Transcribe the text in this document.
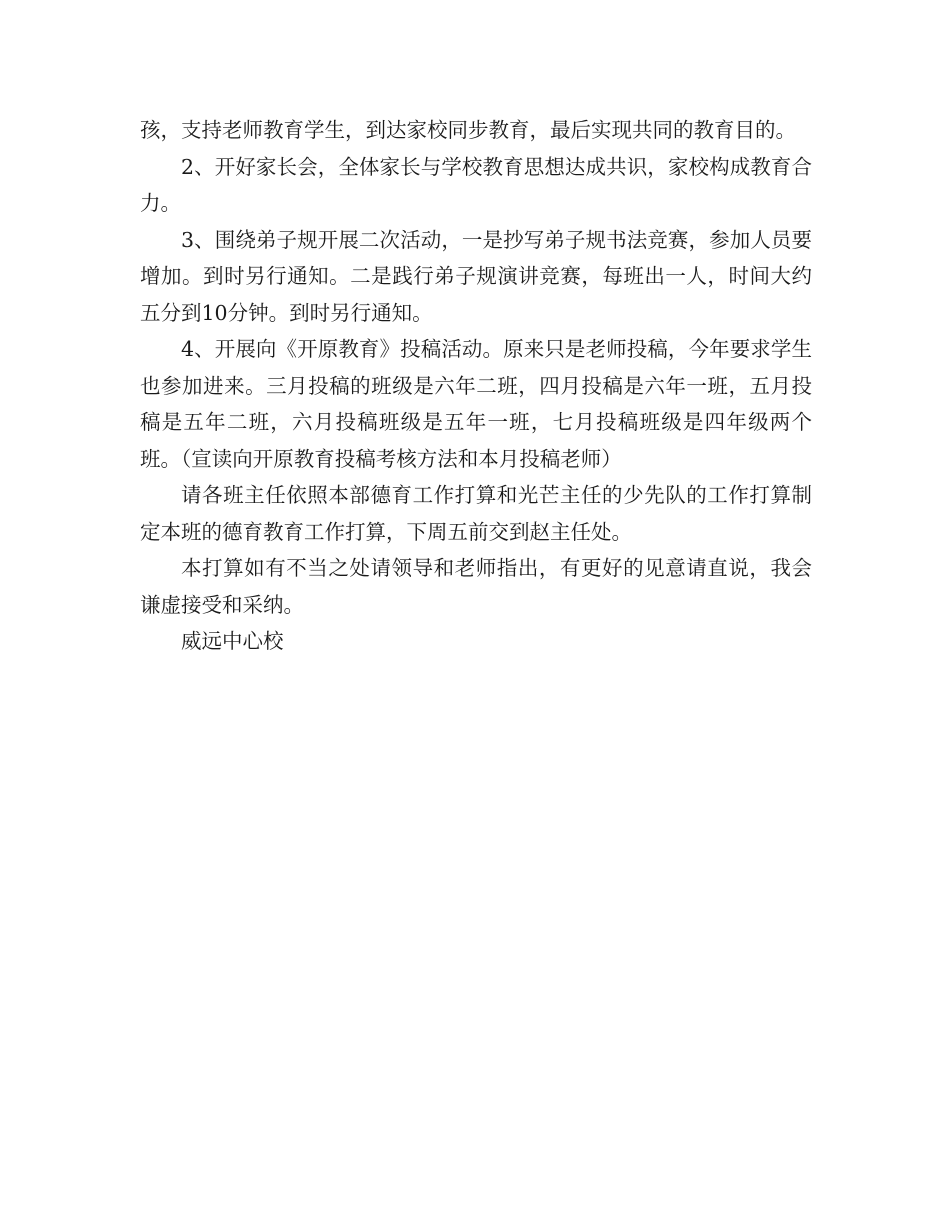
孩，支持老师教育学生，到达家校同步教育，最后实现共同的教育目的。

2、开好家长会，全体家长与学校教育思想达成共识，家校构成教育合力。

3、围绕弟子规开展二次活动，一是抄写弟子规书法竞赛，参加人员要增加。到时另行通知。二是践行弟子规演讲竞赛，每班出一人，时间大约五分到10分钟。到时另行通知。

4、开展向《开原教育》投稿活动。原来只是老师投稿，今年要求学生也参加进来。三月投稿的班级是六年二班，四月投稿是六年一班，五月投稿是五年二班，六月投稿班级是五年一班，七月投稿班级是四年级两个班。（宣读向开原教育投稿考核方法和本月投稿老师）

请各班主任依照本部德育工作打算和光芒主任的少先队的工作打算制定本班的德育教育工作打算，下周五前交到赵主任处。

本打算如有不当之处请领导和老师指出，有更好的见意请直说，我会谦虚接受和采纳。

威远中心校
